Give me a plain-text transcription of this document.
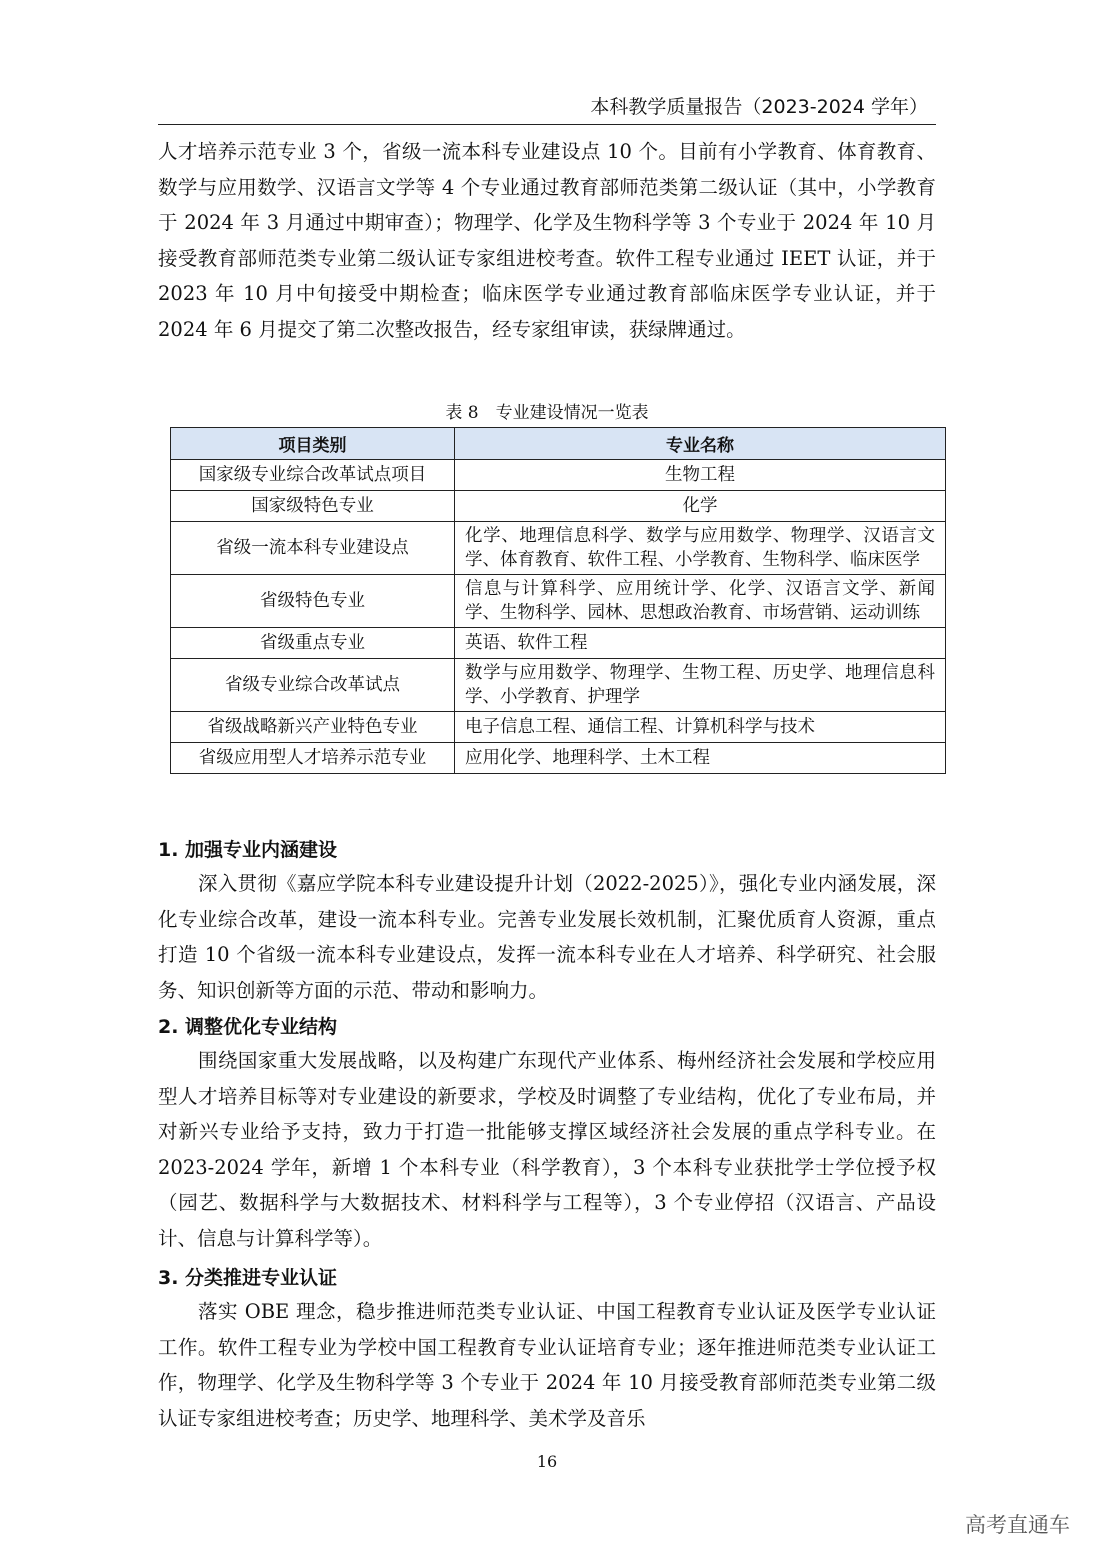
本科教学质量报告（2023-2024 学年）

人才培养示范专业 3 个，省级一流本科专业建设点 10 个。目前有小学教育、体育教育、数学与应用数学、汉语言文学等 4 个专业通过教育部师范类第二级认证（其中，小学教育于 2024 年 3 月通过中期审查）；物理学、化学及生物科学等 3 个专业于 2024 年 10 月接受教育部师范类专业第二级认证专家组进校考查。软件工程专业通过 IEET 认证，并于 2023 年 10 月中旬接受中期检查；临床医学专业通过教育部临床医学专业认证，并于 2024 年 6 月提交了第二次整改报告，经专家组审读，获绿牌通过。

表 8　专业建设情况一览表
项目类别	专业名称
国家级专业综合改革试点项目	生物工程
国家级特色专业	化学
省级一流本科专业建设点	化学、地理信息科学、数学与应用数学、物理学、汉语言文学、体育教育、软件工程、小学教育、生物科学、临床医学
省级特色专业	信息与计算科学、应用统计学、化学、汉语言文学、新闻学、生物科学、园林、思想政治教育、市场营销、运动训练
省级重点专业	英语、软件工程
省级专业综合改革试点	数学与应用数学、物理学、生物工程、历史学、地理信息科学、小学教育、护理学
省级战略新兴产业特色专业	电子信息工程、通信工程、计算机科学与技术
省级应用型人才培养示范专业	应用化学、地理科学、土木工程
1. 加强专业内涵建设

深入贯彻《嘉应学院本科专业建设提升计划（2022-2025）》，强化专业内涵发展，深化专业综合改革，建设一流本科专业。完善专业发展长效机制，汇聚优质育人资源，重点打造 10 个省级一流本科专业建设点，发挥一流本科专业在人才培养、科学研究、社会服务、知识创新等方面的示范、带动和影响力。

2. 调整优化专业结构

围绕国家重大发展战略，以及构建广东现代产业体系、梅州经济社会发展和学校应用型人才培养目标等对专业建设的新要求，学校及时调整了专业结构，优化了专业布局，并对新兴专业给予支持，致力于打造一批能够支撑区域经济社会发展的重点学科专业。在 2023-2024 学年，新增 1 个本科专业（科学教育），3 个本科专业获批学士学位授予权（园艺、数据科学与大数据技术、材料科学与工程等），3 个专业停招（汉语言、产品设计、信息与计算科学等）。

3. 分类推进专业认证

落实 OBE 理念，稳步推进师范类专业认证、中国工程教育专业认证及医学专业认证工作。软件工程专业为学校中国工程教育专业认证培育专业；逐年推进师范类专业认证工作，物理学、化学及生物科学等 3 个专业于 2024 年 10 月接受教育部师范类专业第二级认证专家组进校考查；历史学、地理科学、美术学及音乐

16
高考直通车
